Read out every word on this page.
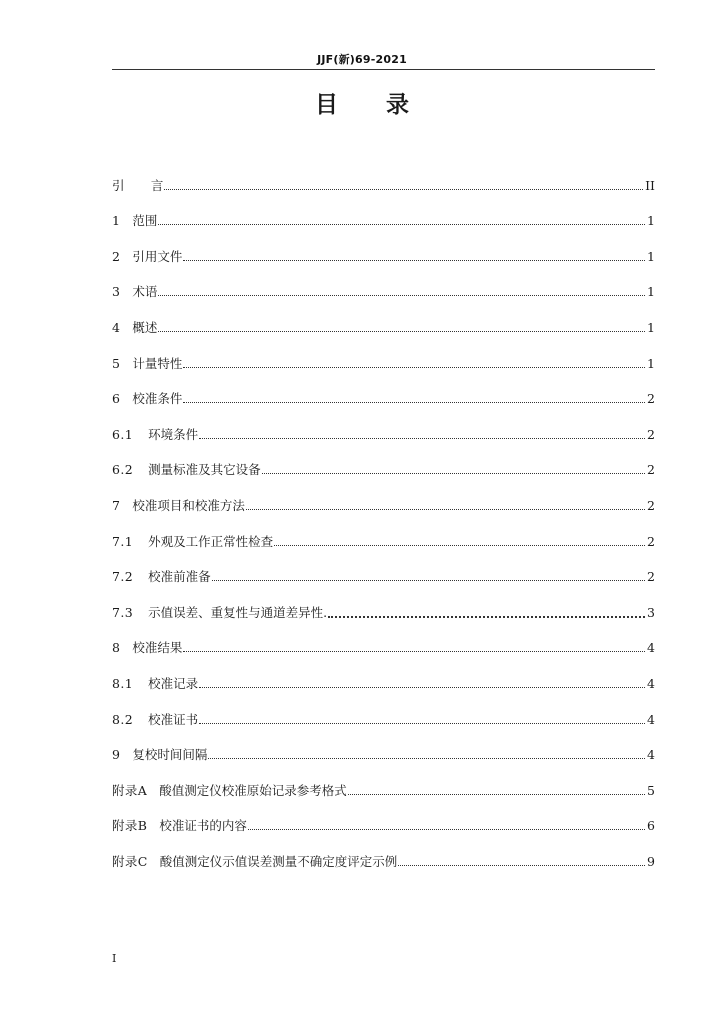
JJF(新)69-2021
目 录
引 言	II
1 范围	1
2 引用文件	1
3 术语	1
4 概述	1
5 计量特性	1
6 校准条件	2
6.1 环境条件	2
6.2 测量标准及其它设备	2
7 校准项目和校准方法	2
7.1 外观及工作正常性检查	2
7.2 校准前准备	2
7.3 示值误差、重复性与通道差异性.	3
8 校准结果	4
8.1 校准记录	4
8.2 校准证书	4
9 复校时间间隔	4
附录A 酸值测定仪校准原始记录参考格式	5
附录B 校准证书的内容	6
附录C 酸值测定仪示值误差测量不确定度评定示例	9
I
